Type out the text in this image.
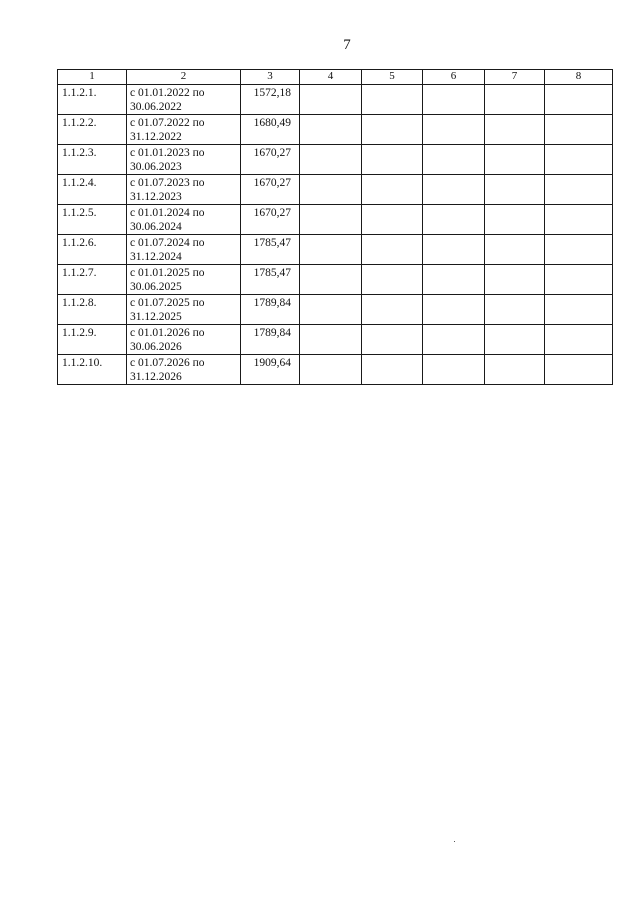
7
1	2	3	4	5	6	7	8
1.1.2.1.	с 01.01.2022 по 30.06.2022	1572,18					
1.1.2.2.	с 01.07.2022 по 31.12.2022	1680,49					
1.1.2.3.	с 01.01.2023 по 30.06.2023	1670,27					
1.1.2.4.	с 01.07.2023 по 31.12.2023	1670,27					
1.1.2.5.	с 01.01.2024 по 30.06.2024	1670,27					
1.1.2.6.	с 01.07.2024 по 31.12.2024	1785,47					
1.1.2.7.	с 01.01.2025 по 30.06.2025	1785,47					
1.1.2.8.	с 01.07.2025 по 31.12.2025	1789,84					
1.1.2.9.	с 01.01.2026 по 30.06.2026	1789,84					
1.1.2.10.	с 01.07.2026 по 31.12.2026	1909,64					
